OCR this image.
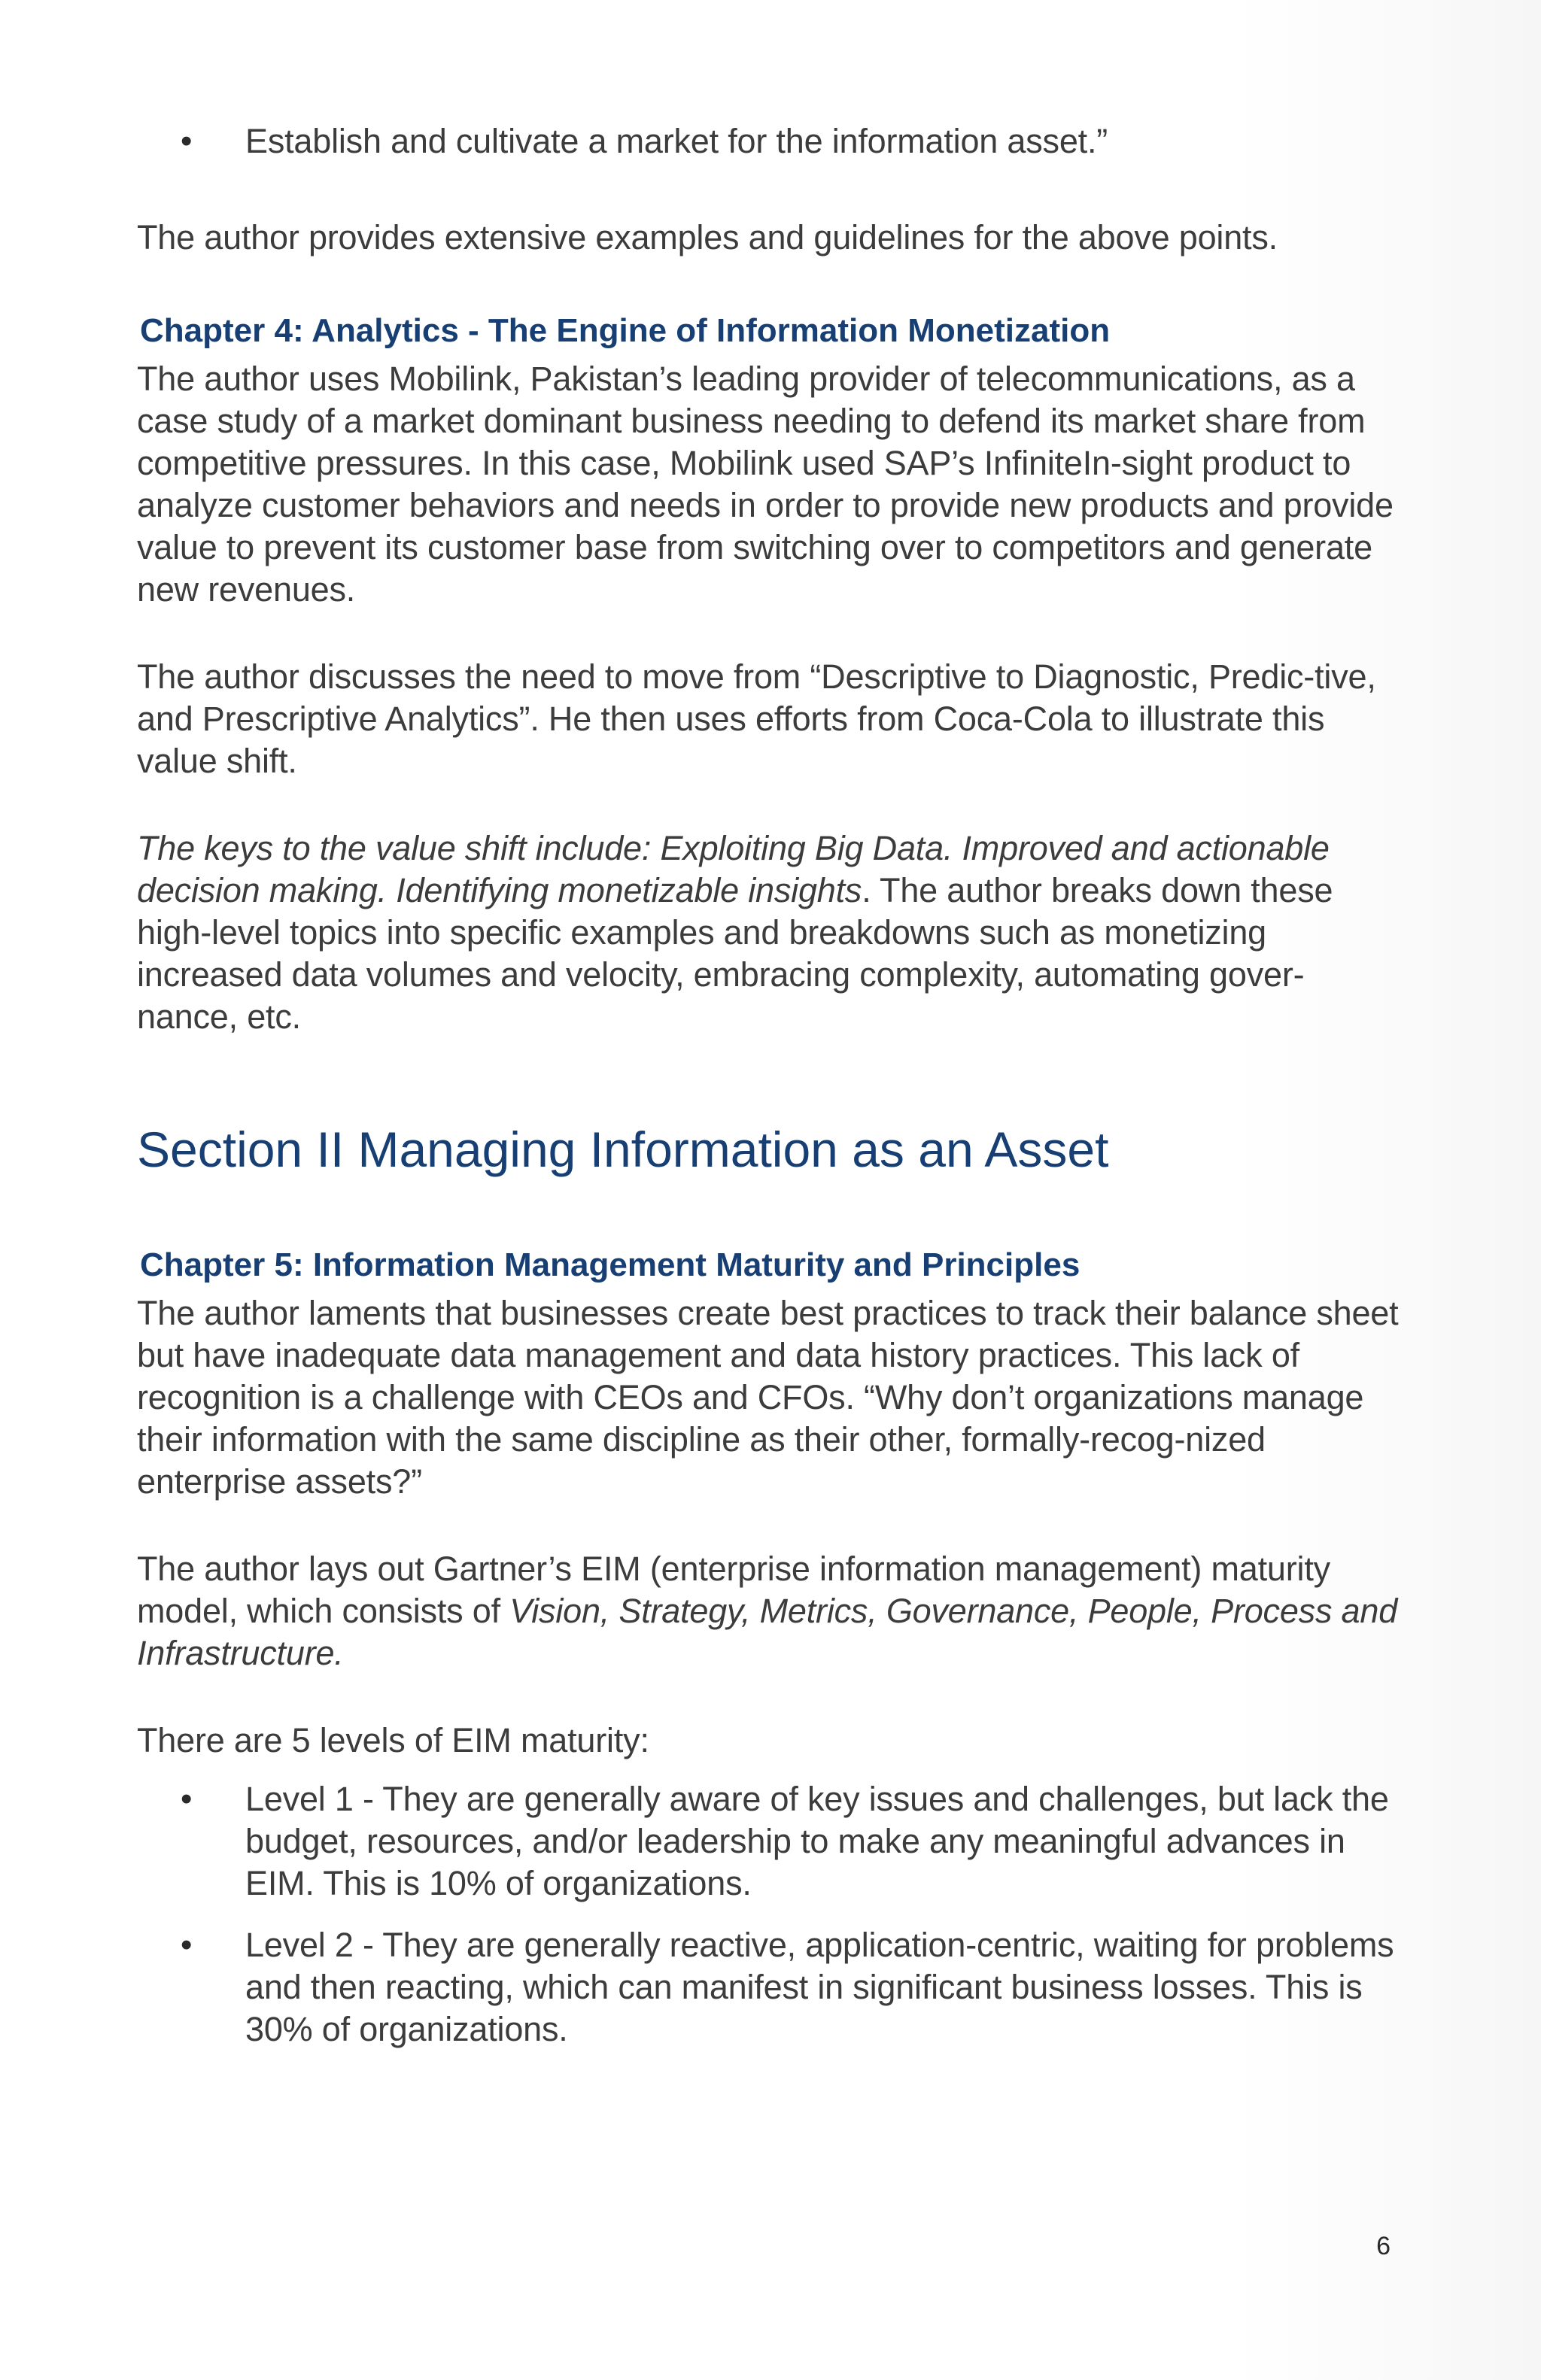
• Establish and cultivate a market for the information asset.”

The author provides extensive examples and guidelines for the above points.

Chapter 4: Analytics - The Engine of Information Monetization

The author uses Mobilink, Pakistan’s leading provider of telecommunications, as a case study of a market dominant business needing to defend its market share from competitive pressures. In this case, Mobilink used SAP’s InfiniteIn-sight product to analyze customer behaviors and needs in order to provide new products and provide value to prevent its customer base from switching over to competitors and generate new revenues.

The author discusses the need to move from “Descriptive to Diagnostic, Predic-tive, and Prescriptive Analytics”. He then uses efforts from Coca-Cola to illustrate this value shift.

The keys to the value shift include: Exploiting Big Data. Improved and actionable decision making. Identifying monetizable insights. The author breaks down these high-level topics into specific examples and breakdowns such as monetizing increased data volumes and velocity, embracing complexity, automating gover-nance, etc.

Section II Managing Information as an Asset
Chapter 5: Information Management Maturity and Principles

The author laments that businesses create best practices to track their balance sheet but have inadequate data management and data history practices. This lack of recognition is a challenge with CEOs and CFOs. “Why don’t organizations manage their information with the same discipline as their other, formally-recog-nized enterprise assets?”

The author lays out Gartner’s EIM (enterprise information management) maturity model, which consists of Vision, Strategy, Metrics, Governance, People, Process and Infrastructure.

There are 5 levels of EIM maturity:

• Level 1 - They are generally aware of key issues and challenges, but lack the budget, resources, and/or leadership to make any meaningful advances in EIM. This is 10% of organizations.

• Level 2 - They are generally reactive, application-centric, waiting for problems and then reacting, which can manifest in significant business losses. This is 30% of organizations.

6
